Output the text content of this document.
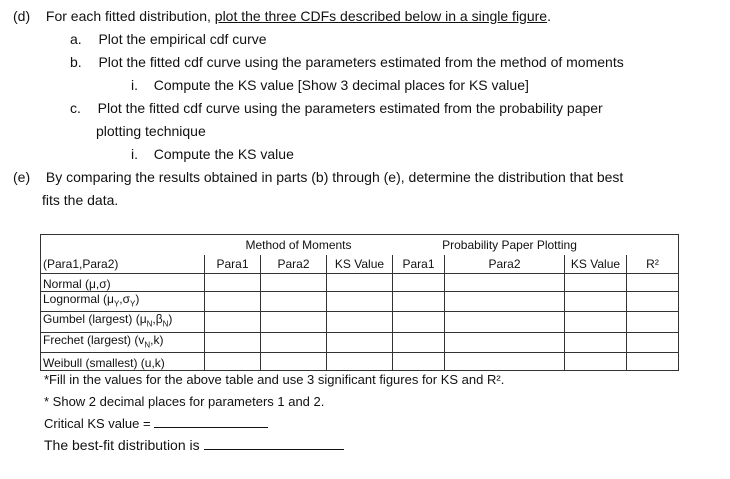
(d) For each fitted distribution, plot the three CDFs described below in a single figure.
a. Plot the empirical cdf curve
b. Plot the fitted cdf curve using the parameters estimated from the method of moments
i. Compute the KS value [Show 3 decimal places for KS value]
c. Plot the fitted cdf curve using the parameters estimated from the probability paper
plotting technique
i. Compute the KS value
(e) By comparing the results obtained in parts (b) through (e), determine the distribution that best
fits the data.
	Method of Moments			Probability Paper Plotting			
(Para1,Para2)	Para1	Para2	KS Value	Para1	Para2	KS Value	R²
Normal (μ,σ)							
Lognormal $(\mu_Y,\sigma_Y)$							
Gumbel (largest) $(\mu_N,\beta_N)$							
Frechet (largest) $(v_N,k)$							
Weibull (smallest) (u,k)							
*Fill in the values for the above table and use 3 significant figures for KS and R².
* Show 2 decimal places for parameters 1 and 2.
Critical KS value =
The best-fit distribution is
